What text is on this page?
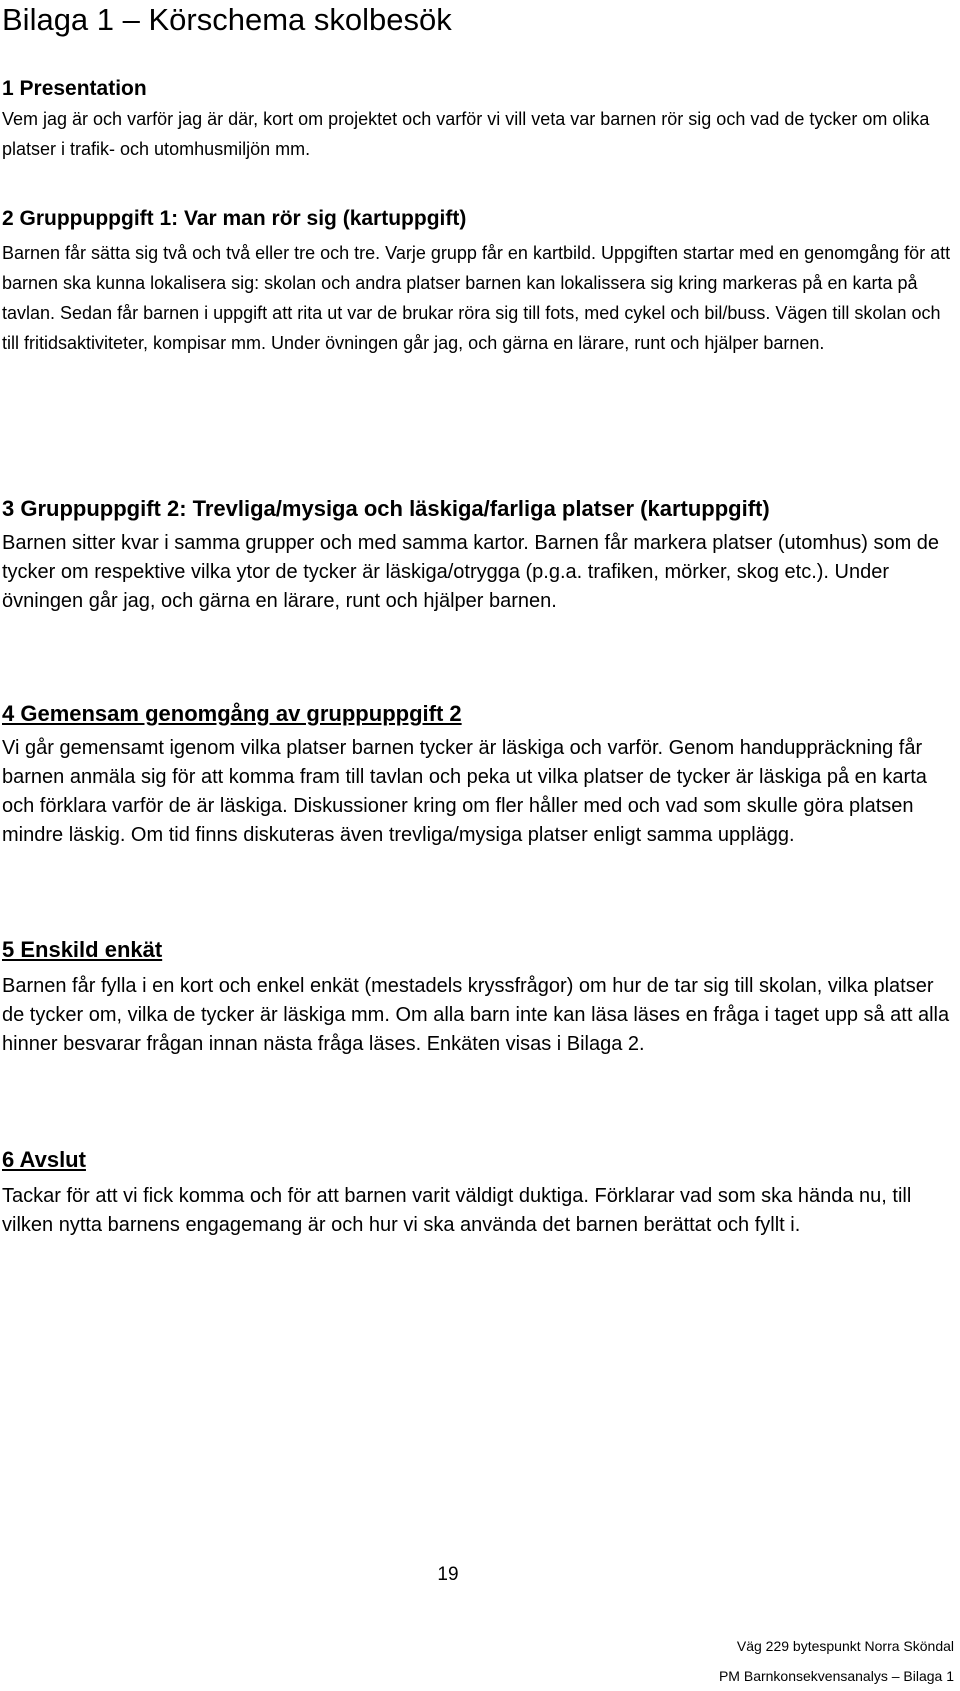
Bilaga 1 – Körschema skolbesök
1 Presentation

Vem jag är och varför jag är där, kort om projektet och varför vi vill veta var barnen rör sig och vad de tycker om olika platser i trafik- och utomhusmiljön mm.

2 Gruppuppgift 1: Var man rör sig (kartuppgift)

Barnen får sätta sig två och två eller tre och tre. Varje grupp får en kartbild. Uppgiften startar med en genomgång för att barnen ska kunna lokalisera sig: skolan och andra platser barnen kan lokalissera sig kring markeras på en karta på tavlan. Sedan får barnen i uppgift att rita ut var de brukar röra sig till fots, med cykel och bil/buss. Vägen till skolan och till fritidsaktiviteter, kompisar mm. Under övningen går jag, och gärna en lärare, runt och hjälper barnen.

3 Gruppuppgift 2: Trevliga/mysiga och läskiga/farliga platser (kartuppgift)

Barnen sitter kvar i samma grupper och med samma kartor. Barnen får markera platser (utomhus) som de tycker om respektive vilka ytor de tycker är läskiga/otrygga (p.g.a. trafiken, mörker, skog etc.). Under övningen går jag, och gärna en lärare, runt och hjälper barnen.

4 Gemensam genomgång av gruppuppgift 2

Vi går gemensamt igenom vilka platser barnen tycker är läskiga och varför. Genom handuppräckning får barnen anmäla sig för att komma fram till tavlan och peka ut vilka platser de tycker är läskiga på en karta och förklara varför de är läskiga. Diskussioner kring om fler håller med och vad som skulle göra platsen mindre läskig. Om tid finns diskuteras även trevliga/mysiga platser enligt samma upplägg.

5 Enskild enkät

Barnen får fylla i en kort och enkel enkät (mestadels kryssfrågor) om hur de tar sig till skolan, vilka platser de tycker om, vilka de tycker är läskiga mm. Om alla barn inte kan läsa läses en fråga i taget upp så att alla hinner besvarar frågan innan nästa fråga läses. Enkäten visas i Bilaga 2.

6 Avslut

Tackar för att vi fick komma och för att barnen varit väldigt duktiga. Förklarar vad som ska hända nu, till vilken nytta barnens engagemang är och hur vi ska använda det barnen berättat och fyllt i.

19
Väg 229 bytespunkt Norra Sköndal
PM Barnkonsekvensanalys – Bilaga 1
